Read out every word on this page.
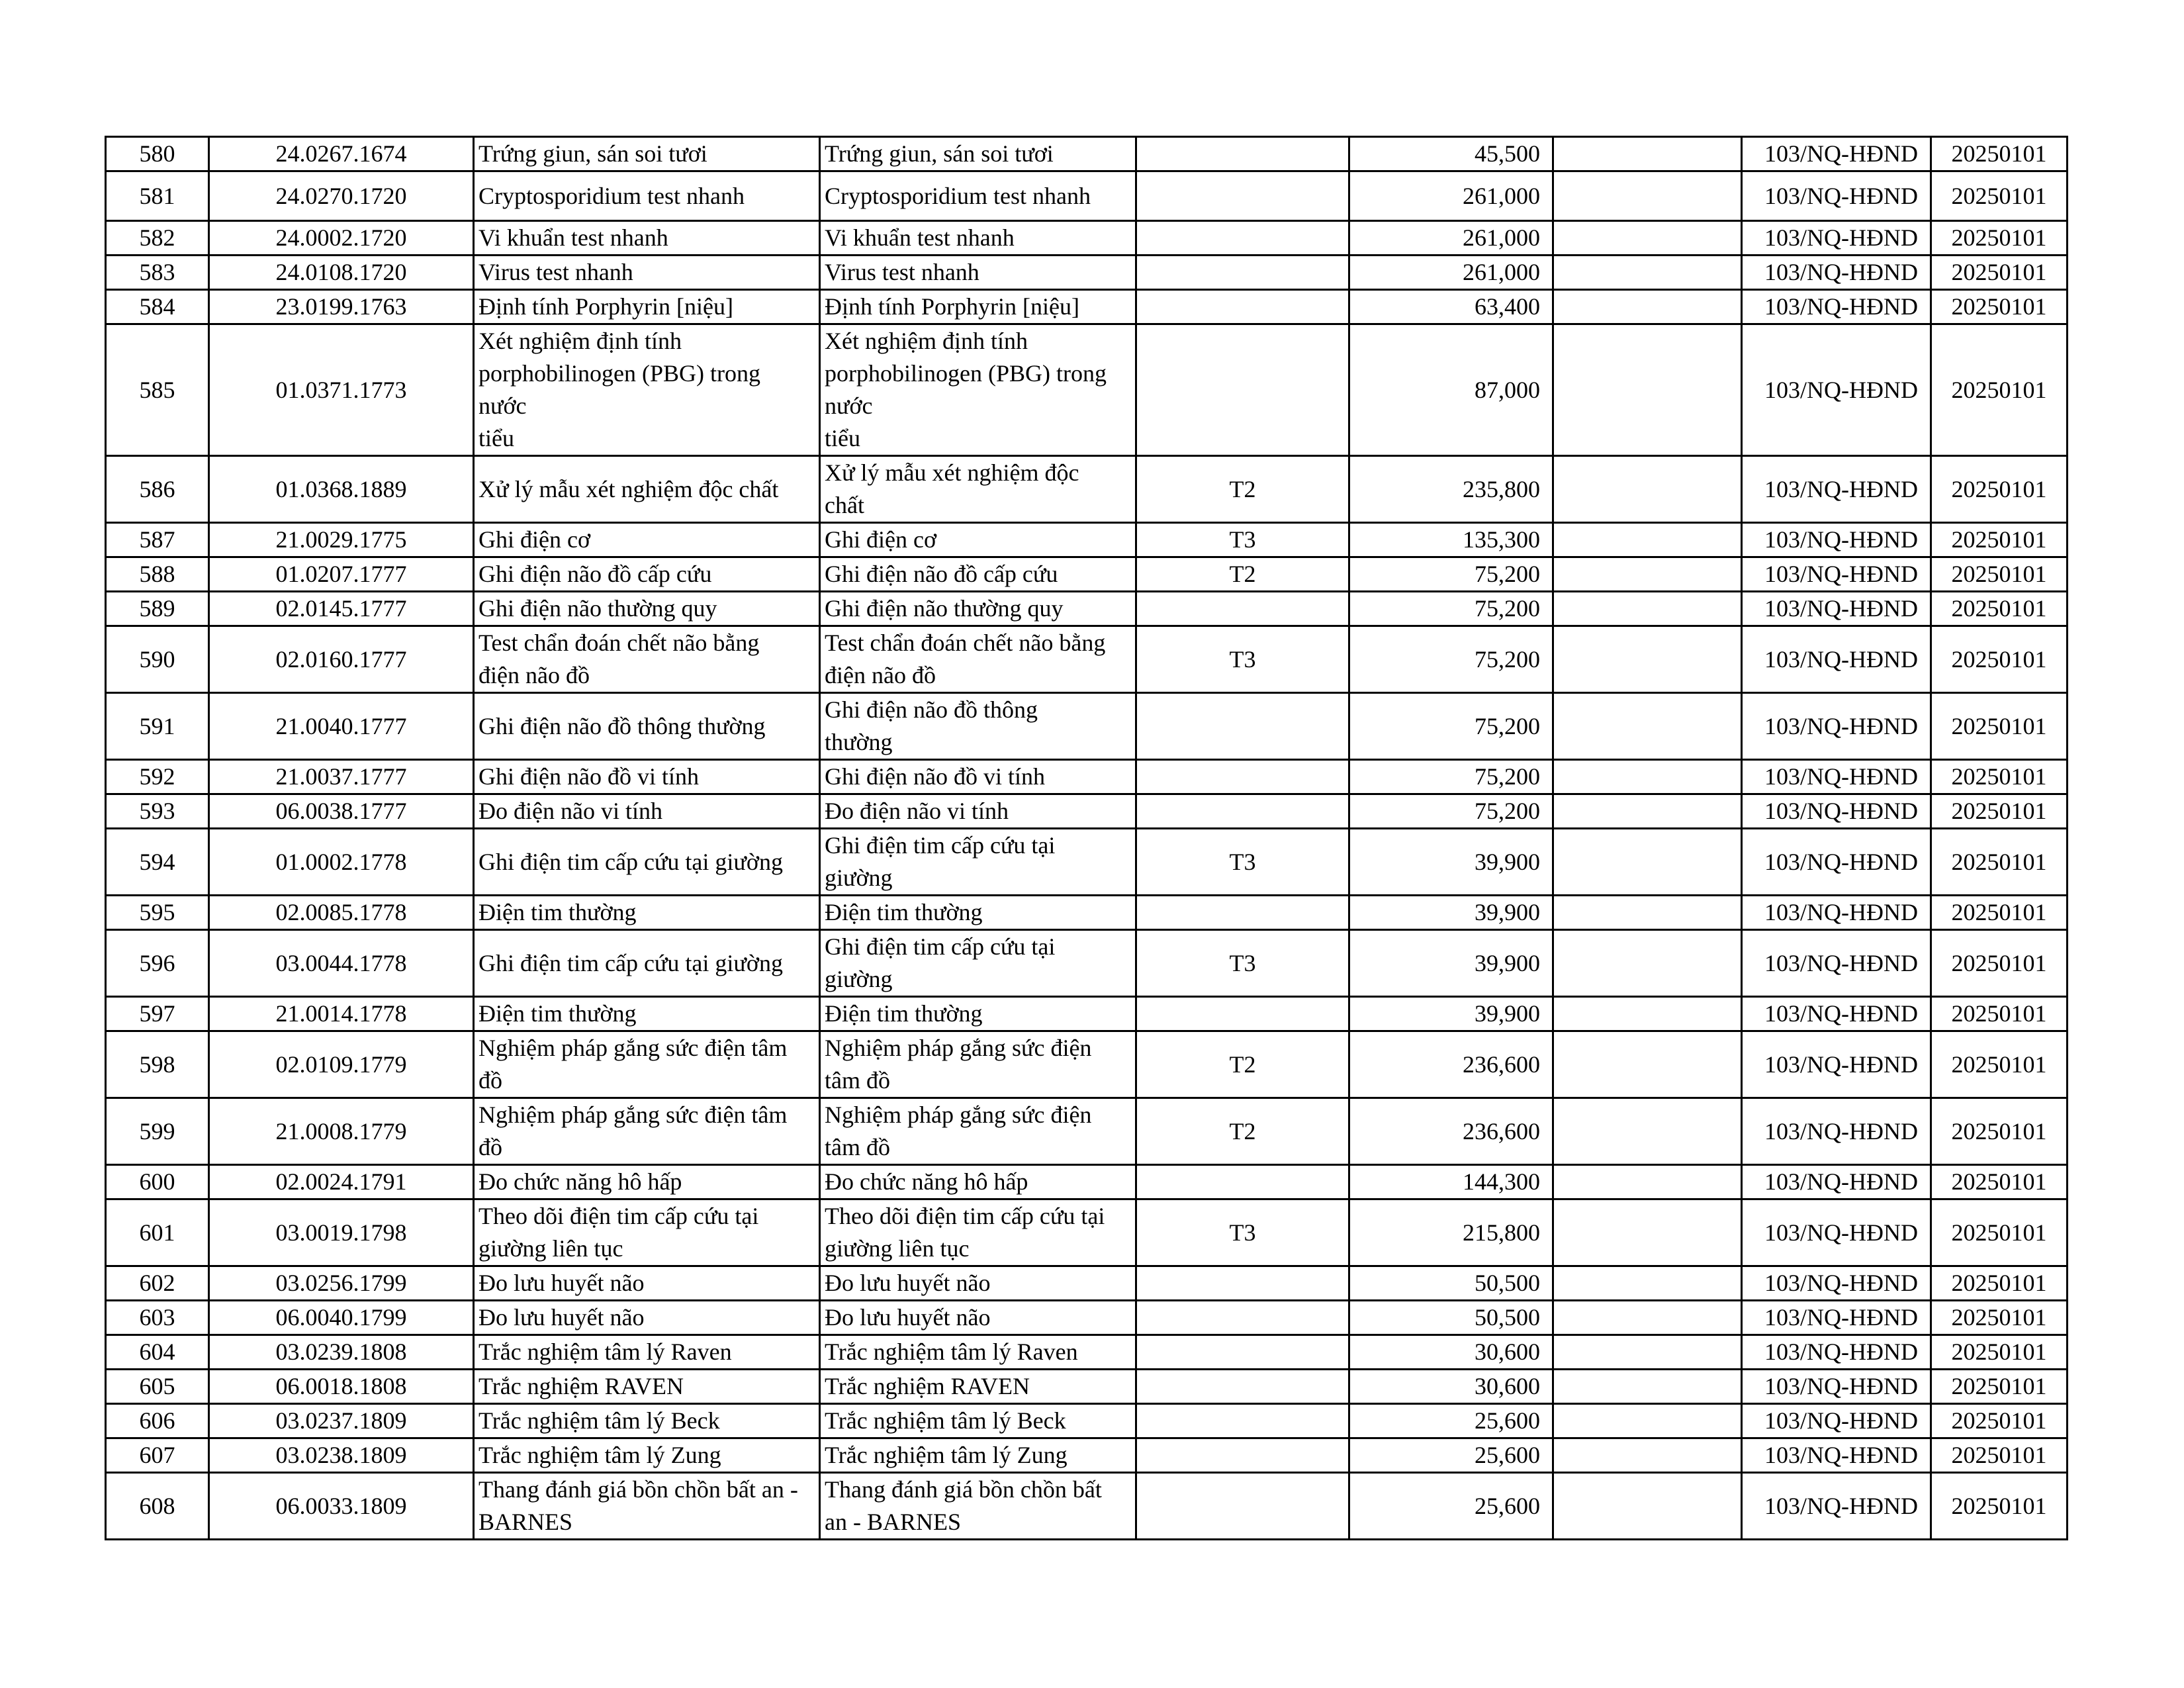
580	24.0267.1674	Trứng giun, sán soi tươi	Trứng giun, sán soi tươi		45,500		103/NQ-HĐND	20250101
581	24.0270.1720	Cryptosporidium test nhanh	Cryptosporidium test nhanh		261,000		103/NQ-HĐND	20250101
582	24.0002.1720	Vi khuẩn test nhanh	Vi khuẩn test nhanh		261,000		103/NQ-HĐND	20250101
583	24.0108.1720	Virus test nhanh	Virus test nhanh		261,000		103/NQ-HĐND	20250101
584	23.0199.1763	Định tính Porphyrin [niệu]	Định tính Porphyrin [niệu]		63,400		103/NQ-HĐND	20250101
585	01.0371.1773	Xét nghiệm định tính
porphobilinogen (PBG) trong
nước
tiểu	Xét nghiệm định tính
porphobilinogen (PBG) trong
nước
tiểu		87,000		103/NQ-HĐND	20250101
586	01.0368.1889	Xử lý mẫu xét nghiệm độc chất	Xử lý mẫu xét nghiệm độc
chất	T2	235,800		103/NQ-HĐND	20250101
587	21.0029.1775	Ghi điện cơ	Ghi điện cơ	T3	135,300		103/NQ-HĐND	20250101
588	01.0207.1777	Ghi điện não đồ cấp cứu	Ghi điện não đồ cấp cứu	T2	75,200		103/NQ-HĐND	20250101
589	02.0145.1777	Ghi điện não thường quy	Ghi điện não thường quy		75,200		103/NQ-HĐND	20250101
590	02.0160.1777	Test chẩn đoán chết não bằng
điện não đồ	Test chẩn đoán chết não bằng
điện não đồ	T3	75,200		103/NQ-HĐND	20250101
591	21.0040.1777	Ghi điện não đồ thông thường	Ghi điện não đồ thông
thường		75,200		103/NQ-HĐND	20250101
592	21.0037.1777	Ghi điện não đồ vi tính	Ghi điện não đồ vi tính		75,200		103/NQ-HĐND	20250101
593	06.0038.1777	Đo điện não vi tính	Đo điện não vi tính		75,200		103/NQ-HĐND	20250101
594	01.0002.1778	Ghi điện tim cấp cứu tại giường	Ghi điện tim cấp cứu tại
giường	T3	39,900		103/NQ-HĐND	20250101
595	02.0085.1778	Điện tim thường	Điện tim thường		39,900		103/NQ-HĐND	20250101
596	03.0044.1778	Ghi điện tim cấp cứu tại giường	Ghi điện tim cấp cứu tại
giường	T3	39,900		103/NQ-HĐND	20250101
597	21.0014.1778	Điện tim thường	Điện tim thường		39,900		103/NQ-HĐND	20250101
598	02.0109.1779	Nghiệm pháp gắng sức điện tâm
đồ	Nghiệm pháp gắng sức điện
tâm đồ	T2	236,600		103/NQ-HĐND	20250101
599	21.0008.1779	Nghiệm pháp gắng sức điện tâm
đồ	Nghiệm pháp gắng sức điện
tâm đồ	T2	236,600		103/NQ-HĐND	20250101
600	02.0024.1791	Đo chức năng hô hấp	Đo chức năng hô hấp		144,300		103/NQ-HĐND	20250101
601	03.0019.1798	Theo dõi điện tim cấp cứu tại
giường liên tục	Theo dõi điện tim cấp cứu tại
giường liên tục	T3	215,800		103/NQ-HĐND	20250101
602	03.0256.1799	Đo lưu huyết não	Đo lưu huyết não		50,500		103/NQ-HĐND	20250101
603	06.0040.1799	Đo lưu huyết não	Đo lưu huyết não		50,500		103/NQ-HĐND	20250101
604	03.0239.1808	Trắc nghiệm tâm lý Raven	Trắc nghiệm tâm lý Raven		30,600		103/NQ-HĐND	20250101
605	06.0018.1808	Trắc nghiệm RAVEN	Trắc nghiệm RAVEN		30,600		103/NQ-HĐND	20250101
606	03.0237.1809	Trắc nghiệm tâm lý Beck	Trắc nghiệm tâm lý Beck		25,600		103/NQ-HĐND	20250101
607	03.0238.1809	Trắc nghiệm tâm lý Zung	Trắc nghiệm tâm lý Zung		25,600		103/NQ-HĐND	20250101
608	06.0033.1809	Thang đánh giá bồn chồn bất an -
BARNES	Thang đánh giá bồn chồn bất
an - BARNES		25,600		103/NQ-HĐND	20250101
